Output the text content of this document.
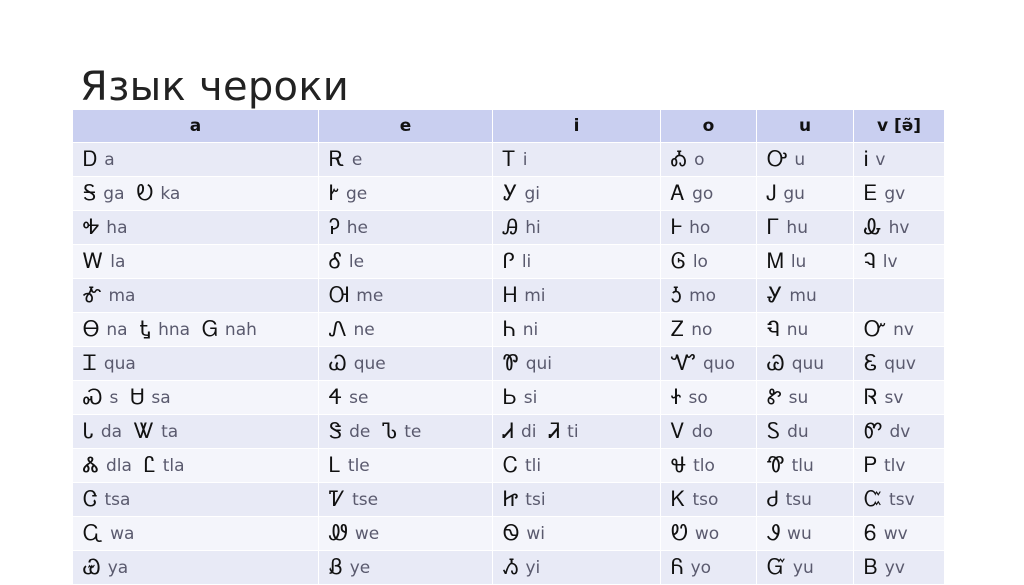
Язык чероки
a	e	i	o	u	v [ə̃]
Ꭰ a	Ꭱ e	Ꭲ i	Ꭳ o	Ꭴ u	Ꭵ v
Ꭶ ga Ꭷ ka	Ꭸ ge	Ꭹ gi	Ꭺ go	Ꭻ gu	Ꭼ gv
Ꭽ ha	Ꭾ he	Ꭿ hi	Ꮀ ho	Ꮁ hu	Ꮂ hv
Ꮃ la	Ꮄ le	Ꮅ li	Ꮆ lo	Ꮇ lu	Ꮈ lv
Ꮉ ma	Ꮊ me	Ꮋ mi	Ꮌ mo	Ꮍ mu	
Ꮎ na Ꮏ hna Ꮐ nah	Ꮑ ne	Ꮒ ni	Ꮓ no	Ꮔ nu	Ꮕ nv
Ꮖ qua	Ꮗ que	Ꮘ qui	Ꮙ quo	Ꮚ quu	Ꮛ quv
Ꮝ s Ꮜ sa	Ꮞ se	Ꮟ si	Ꮠ so	Ꮡ su	Ꮢ sv
Ꮣ da Ꮤ ta	Ꮥ de Ꮦ te	Ꮧ di Ꮨ ti	Ꮩ do	Ꮪ du	Ꮫ dv
Ꮬ dla Ꮭ tla	Ꮮ tle	Ꮯ tli	Ꮰ tlo	Ꮱ tlu	Ꮲ tlv
Ꮳ tsa	Ꮴ tse	Ꮵ tsi	Ꮶ tso	Ꮷ tsu	Ꮸ tsv
Ꮹ wa	Ꮺ we	Ꮻ wi	Ꮼ wo	Ꮽ wu	Ꮾ wv
Ꮿ ya	Ᏸ ye	Ᏹ yi	Ᏺ yo	Ᏻ yu	Ᏼ yv
